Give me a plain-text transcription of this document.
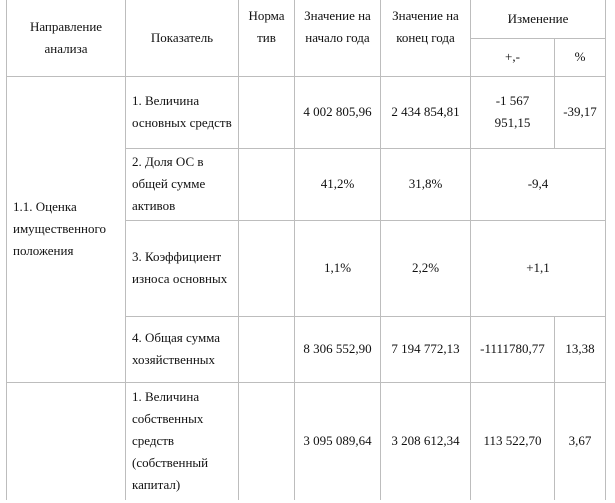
Направление анализа	Показатель	Норма тив	Значение на начало года	Значение на конец года	Изменение	
					+,-	%
1.1. Оценка имущественного положения	1. Величина основных средств		4 002 805,96	2 434 854,81	-1 567 951,15	-39,17
	2. Доля ОС в общей сумме активов		41,2%	31,8%	-9,4	
	3. Коэффициент износа основных		1,1%	2,2%	+1,1	
	4. Общая сумма хозяйственных		8 306 552,90	7 194 772,13	-1111780,77	13,38
	1. Величина собственных средств (собственный капитал)		3 095 089,64	3 208 612,34	113 522,70	3,67
